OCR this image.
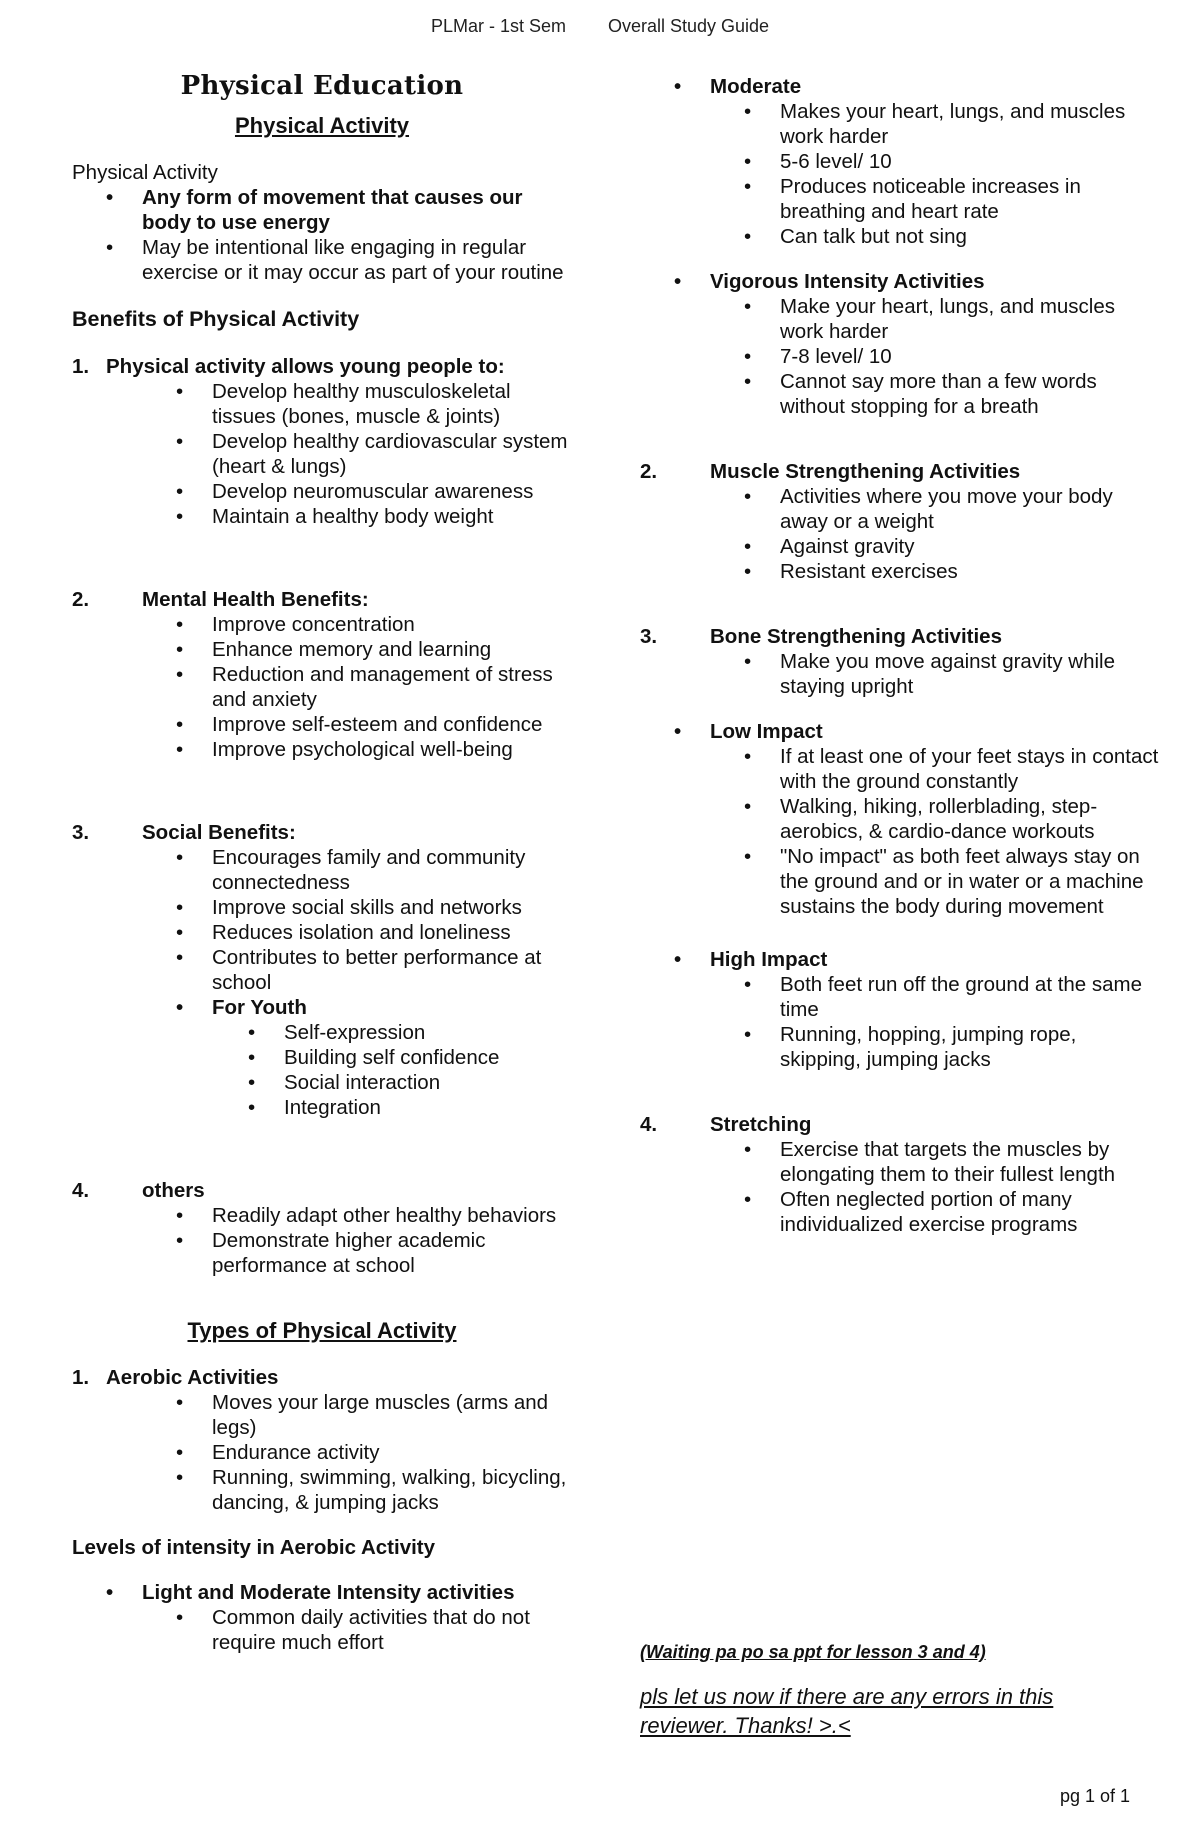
PLMar - 1st Sem Overall Study Guide
Physical Education
Physical Activity

Physical Activity

• Any form of movement that causes our body to use energy
• May be intentional like engaging in regular exercise or it may occur as part of your routine
Benefits of Physical Activity
1. Physical activity allows young people to:
• Develop healthy musculoskeletal tissues (bones, muscle & joints)
• Develop healthy cardiovascular system (heart & lungs)
• Develop neuromuscular awareness
• Maintain a healthy body weight
2.	Mental Health Benefits:
• Improve concentration
• Enhance memory and learning
• Reduction and management of stress and anxiety
• Improve self-esteem and confidence
• Improve psychological well-being
3.	Social Benefits:
• Encourages family and community connectedness
• Improve social skills and networks
• Reduces isolation and loneliness
• Contributes to better performance at school
• For Youth
• Self-expression
• Building self confidence
• Social interaction
• Integration
4.	others
• Readily adapt other healthy behaviors
• Demonstrate higher academic performance at school
Types of Physical Activity
1. Aerobic Activities
• Moves your large muscles (arms and legs)
• Endurance activity
• Running, swimming, walking, bicycling, dancing, & jumping jacks
Levels of intensity in Aerobic Activity
• Light and Moderate Intensity activities
• Common daily activities that do not require much effort
• Moderate
• Makes your heart, lungs, and muscles work harder
• 5-6 level/ 10
• Produces noticeable increases in breathing and heart rate
• Can talk but not sing
• Vigorous Intensity Activities
• Make your heart, lungs, and muscles work harder
• 7-8 level/ 10
• Cannot say more than a few words without stopping for a breath
2.	Muscle Strengthening Activities
• Activities where you move your body away or a weight
• Against gravity
• Resistant exercises
3.	Bone Strengthening Activities
• Make you move against gravity while staying upright
• Low Impact
• If at least one of your feet stays in contact with the ground constantly
• Walking, hiking, rollerblading, step-aerobics, & cardio-dance workouts
• "No impact" as both feet always stay on the ground and or in water or a machine sustains the body during movement
• High Impact
• Both feet run off the ground at the same time
• Running, hopping, jumping rope, skipping, jumping jacks
4.	Stretching
• Exercise that targets the muscles by elongating them to their fullest length
• Often neglected portion of many individualized exercise programs
(Waiting pa po sa ppt for lesson 3 and 4)
pls let us now if there are any errors in this reviewer. Thanks! >.<
pg 1 of 1
